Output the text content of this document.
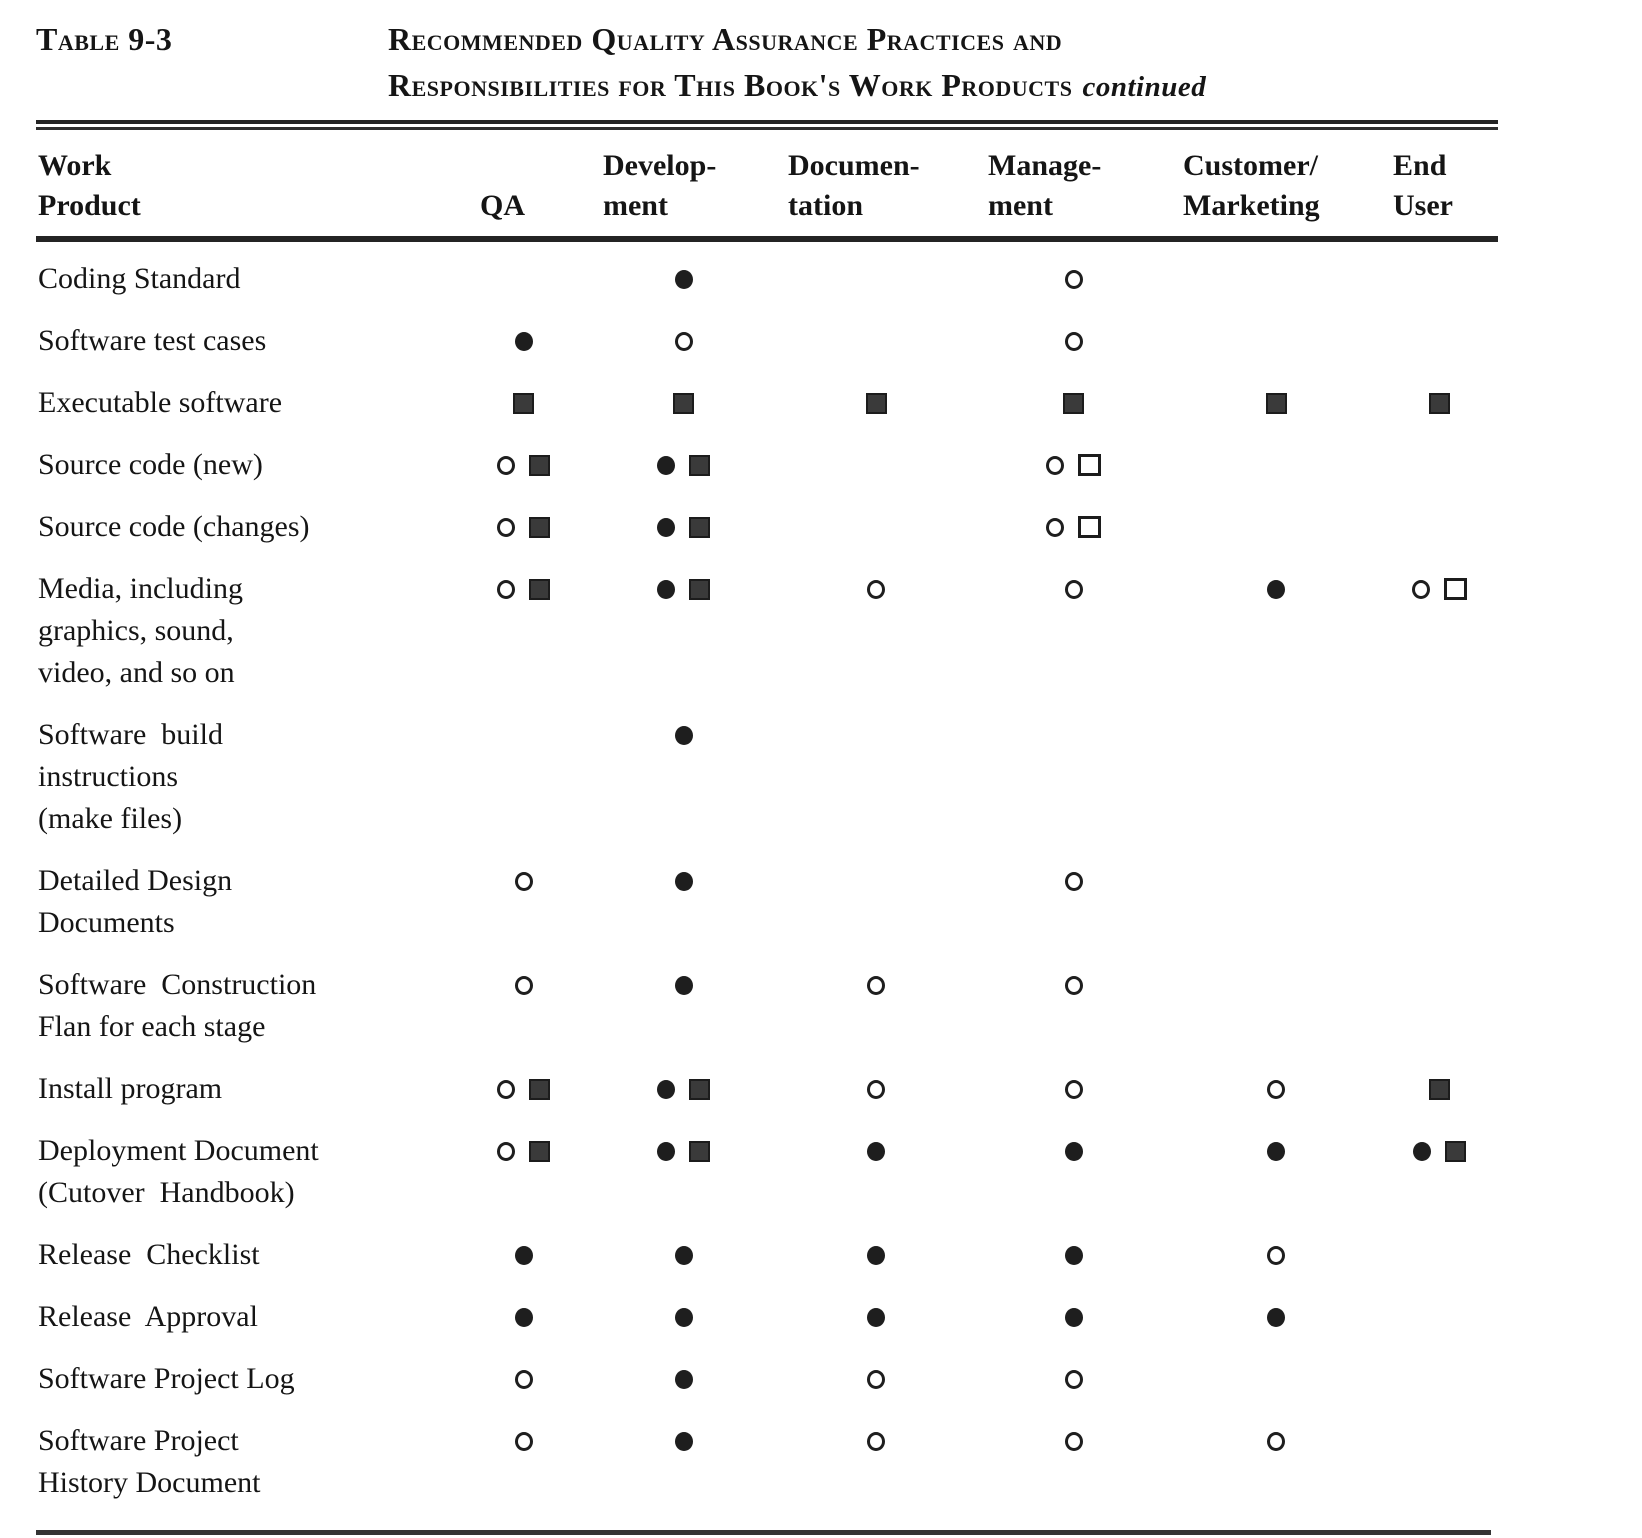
Table 9-3	Recommended Quality Assurance Practices and
Responsibilities for This Book's Work Products continued
Work
Product	QA
Develop-
ment
Documen-
tation
Manage-
ment
Customer/
Marketing
End
User
Coding Standard
Software test cases
Executable software
Source code (new)
Source code (changes)
Media, including
graphics, sound,
video, and so on
Software  build
instructions
(make files)
Detailed Design
Documents
Software  Construction
Flan for each stage
Install program
Deployment Document
(Cutover  Handbook)
Release  Checklist
Release  Approval
Software Project Log
Software Project
History Document
